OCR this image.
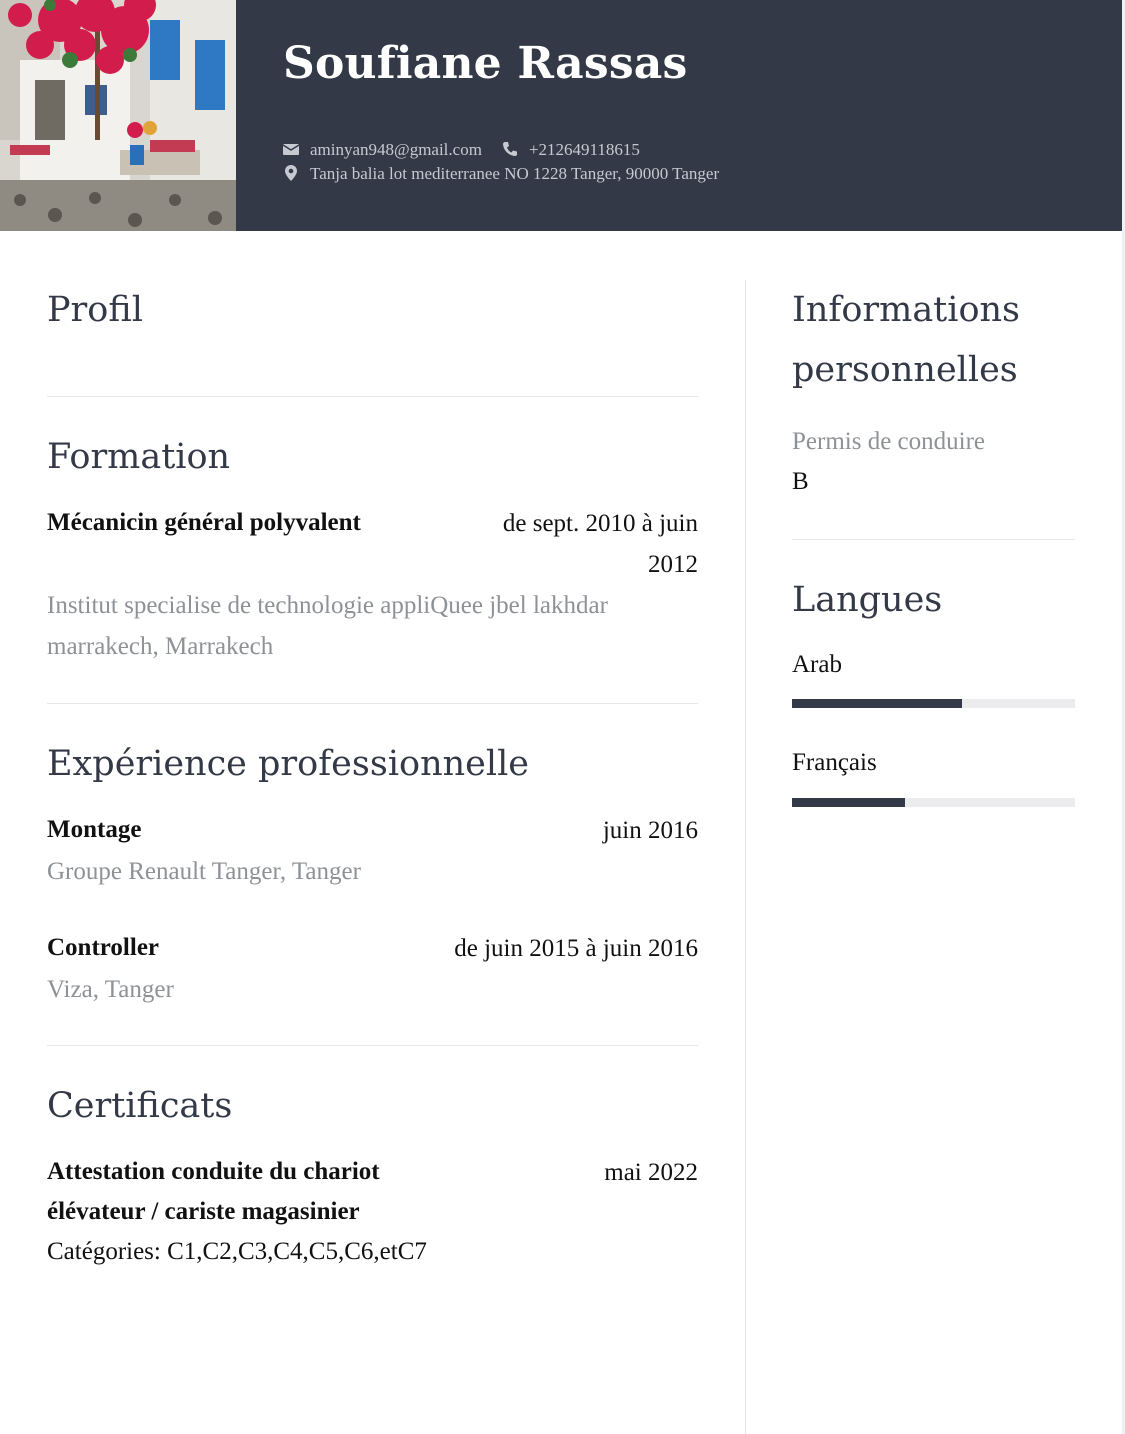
Soufiane Rassas
aminyan948@gmail.com	+212649118615
Tanja balia lot mediterranee NO 1228 Tanger, 90000 Tanger
Profil
Formation
Mécanicin général polyvalent	de sept. 2010 à juin
2012
Institut specialise de technologie appliQuee jbel lakhdar
marrakech, Marrakech
Expérience professionnelle
Montage	juin 2016
Groupe Renault Tanger, Tanger
Controller	de juin 2015 à juin 2016
Viza, Tanger
Certificats
Attestation conduite du chariot
élévateur / cariste magasinier
mai 2022
Catégories: C1,C2,C3,C4,C5,C6,etC7
Informations
personnelles
Permis de conduire
B
Langues
Arab
Français
